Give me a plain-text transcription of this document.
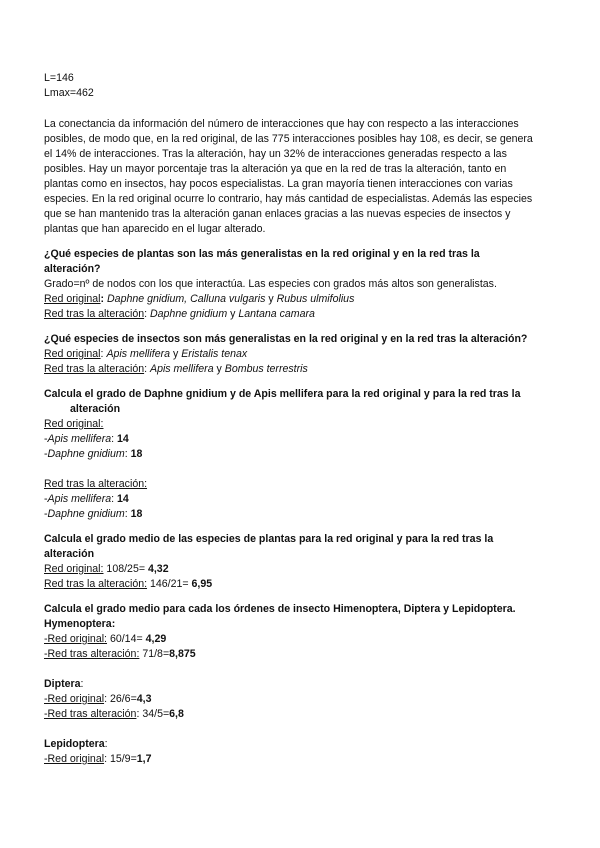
L=146
Lmax=462
La conectancia da información del número de interacciones que hay con respecto a las interacciones
posibles, de modo que, en la red original, de las 775 interacciones posibles hay 108, es decir, se genera
el 14% de interacciones. Tras la alteración, hay un 32% de interacciones generadas respecto a las
posibles. Hay un mayor porcentaje tras la alteración ya que en la red de tras la alteración, tanto en
plantas como en insectos, hay pocos especialistas. La gran mayoría tienen interacciones con varias
especies. En la red original ocurre lo contrario, hay más cantidad de especialistas. Además las especies
que se han mantenido tras la alteración ganan enlaces gracias a las nuevas especies de insectos y
plantas que han aparecido en el lugar alterado.
¿Qué especies de plantas son las más generalistas en la red original y en la red tras la
alteración?
Grado=nº de nodos con los que interactúa. Las especies con grados más altos son generalistas.
Red original: Daphne gnidium, Calluna vulgaris y Rubus ulmifolius
Red tras la alteración: Daphne gnidium y Lantana camara
¿Qué especies de insectos son más generalistas en la red original y en la red tras la alteración?
Red original: Apis mellifera y Eristalis tenax
Red tras la alteración: Apis mellifera y Bombus terrestris
Calcula el grado de Daphne gnidium y de Apis mellifera para la red original y para la red tras la
alteración
Red original:
-Apis mellifera: 14
-Daphne gnidium: 18
Red tras la alteración:
-Apis mellifera: 14
-Daphne gnidium: 18
Calcula el grado medio de las especies de plantas para la red original y para la red tras la
alteración
Red original: 108/25= 4,32
Red tras la alteración: 146/21= 6,95
Calcula el grado medio para cada los órdenes de insecto Himenoptera, Diptera y Lepidoptera.
Hymenoptera:
-Red original: 60/14= 4,29
-Red tras alteración: 71/8=8,875
Diptera:
-Red original: 26/6=4,3
-Red tras alteración: 34/5=6,8
Lepidoptera:
-Red original: 15/9=1,7
